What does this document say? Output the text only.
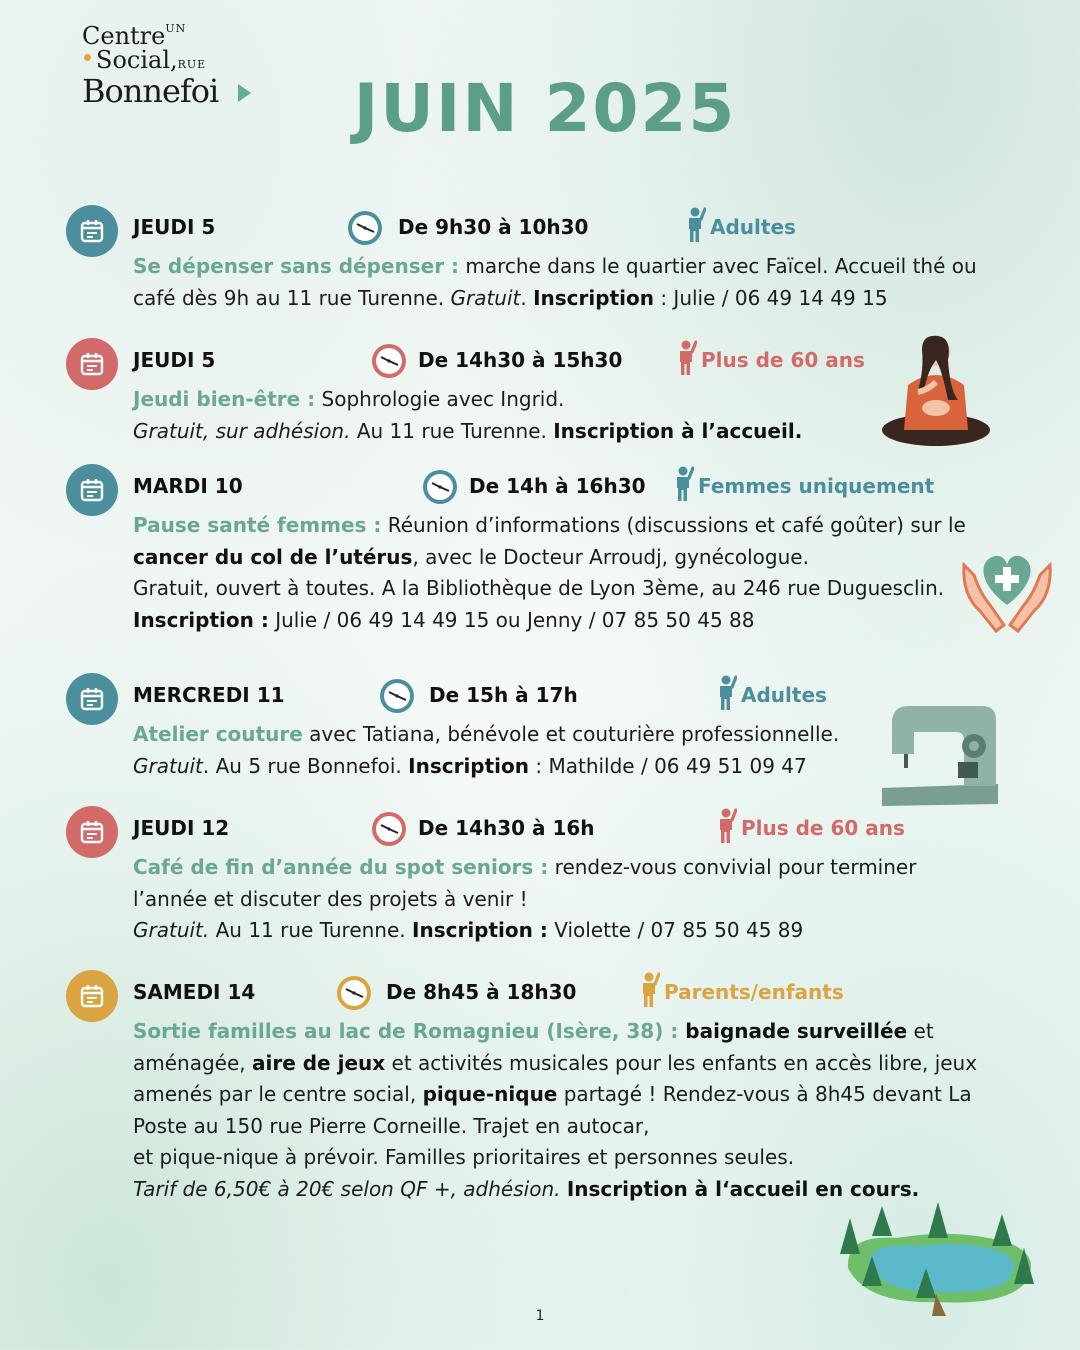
Centre$^{UN}$
Social,RUE
Bonnefoi	JUIN 2025
JEUDI 5	De 9h30 à 10h30	Adultes
Se dépenser sans dépenser : marche dans le quartier avec Faïcel. Accueil thé ou café dès 9h au 11 rue Turenne. Gratuit. Inscription : Julie / 06 49 14 49 15
JEUDI 5	De 14h30 à 15h30	Plus de 60 ans
Jeudi bien-être : Sophrologie avec Ingrid.
Gratuit, sur adhésion. Au 11 rue Turenne. Inscription à l’accueil.
MARDI 10	De 14h à 16h30	Femmes uniquement
Pause santé femmes : Réunion d’informations (discussions et café goûter) sur le cancer du col de l’utérus, avec le Docteur Arroudj, gynécologue.
Gratuit, ouvert à toutes. A la Bibliothèque de Lyon 3ème, au 246 rue Duguesclin.
Inscription : Julie / 06 49 14 49 15 ou Jenny / 07 85 50 45 88
MERCREDI 11	De 15h à 17h	Adultes
Atelier couture avec Tatiana, bénévole et couturière professionnelle.
Gratuit. Au 5 rue Bonnefoi. Inscription : Mathilde / 06 49 51 09 47
JEUDI 12	De 14h30 à 16h	Plus de 60 ans
Café de fin d’année du spot seniors : rendez-vous convivial pour terminer l’année et discuter des projets à venir !
Gratuit. Au 11 rue Turenne. Inscription : Violette / 07 85 50 45 89
SAMEDI 14	De 8h45 à 18h30	Parents/enfants
Sortie familles au lac de Romagnieu (Isère, 38) : baignade surveillée et aménagée, aire de jeux et activités musicales pour les enfants en accès libre, jeux amenés par le centre social, pique-nique partagé ! Rendez-vous à 8h45 devant La Poste au 150 rue Pierre Corneille. Trajet en autocar,
et pique-nique à prévoir. Familles prioritaires et personnes seules.
Tarif de 6,50€ à 20€ selon QF +, adhésion. Inscription à l‘accueil en cours.
1
